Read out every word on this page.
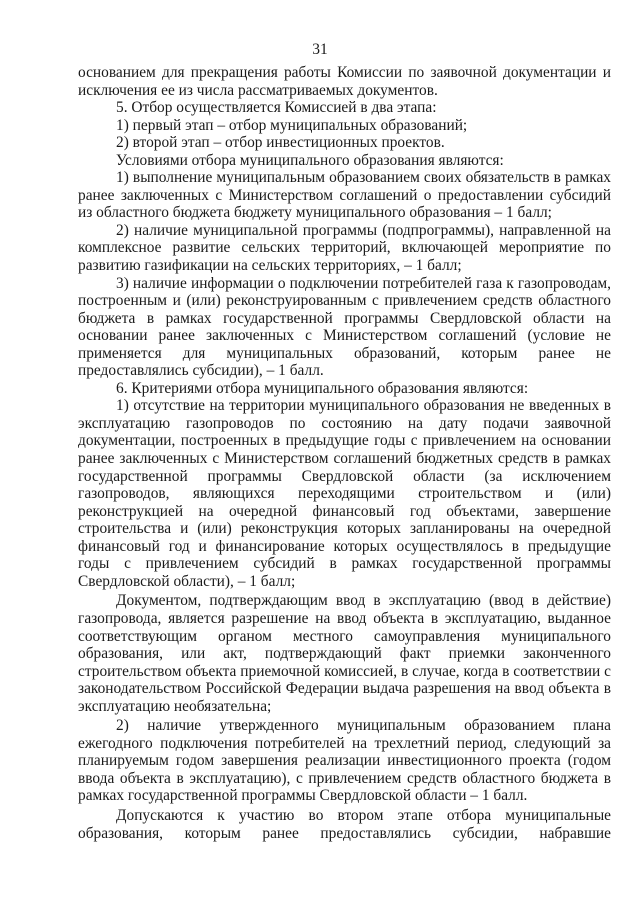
31

основанием для прекращения работы Комиссии по заявочной документации и исключения ее из числа рассматриваемых документов.

5. Отбор осуществляется Комиссией в два этапа:

1) первый этап – отбор муниципальных образований;

2) второй этап – отбор инвестиционных проектов.

Условиями отбора муниципального образования являются:

1) выполнение муниципальным образованием своих обязательств в рамках ранее заключенных с Министерством соглашений о предоставлении субсидий из областного бюджета бюджету муниципального образования – 1 балл;

2) наличие муниципальной программы (подпрограммы), направленной на комплексное развитие сельских территорий, включающей мероприятие по развитию газификации на сельских территориях, – 1 балл;

3) наличие информации о подключении потребителей газа к газопроводам, построенным и (или) реконструированным с привлечением средств областного бюджета в рамках государственной программы Свердловской области на основании ранее заключенных с Министерством соглашений (условие не применяется для муниципальных образований, которым ранее не предоставлялись субсидии), – 1 балл.

6. Критериями отбора муниципального образования являются:

1) отсутствие на территории муниципального образования не введенных в эксплуатацию газопроводов по состоянию на дату подачи заявочной документации, построенных в предыдущие годы с привлечением на основании ранее заключенных с Министерством соглашений бюджетных средств в рамках государственной программы Свердловской области (за исключением газопроводов, являющихся переходящими строительством и (или) реконструкцией на очередной финансовый год объектами, завершение строительства и (или) реконструкция которых запланированы на очередной финансовый год и финансирование которых осуществлялось в предыдущие годы с привлечением субсидий в рамках государственной программы Свердловской области), – 1 балл;

Документом, подтверждающим ввод в эксплуатацию (ввод в действие) газопровода, является разрешение на ввод объекта в эксплуатацию, выданное соответствующим органом местного самоуправления муниципального образования, или акт, подтверждающий факт приемки законченного строительством объекта приемочной комиссией, в случае, когда в соответствии с законодательством Российской Федерации выдача разрешения на ввод объекта в эксплуатацию необязательна;

2) наличие утвержденного муниципальным образованием плана ежегодного подключения потребителей на трехлетний период, следующий за планируемым годом завершения реализации инвестиционного проекта (годом ввода объекта в эксплуатацию), с привлечением средств областного бюджета в рамках государственной программы Свердловской области – 1 балл.

Допускаются к участию во втором этапе отбора муниципальные образования, которым ранее предоставлялись субсидии, набравшие
